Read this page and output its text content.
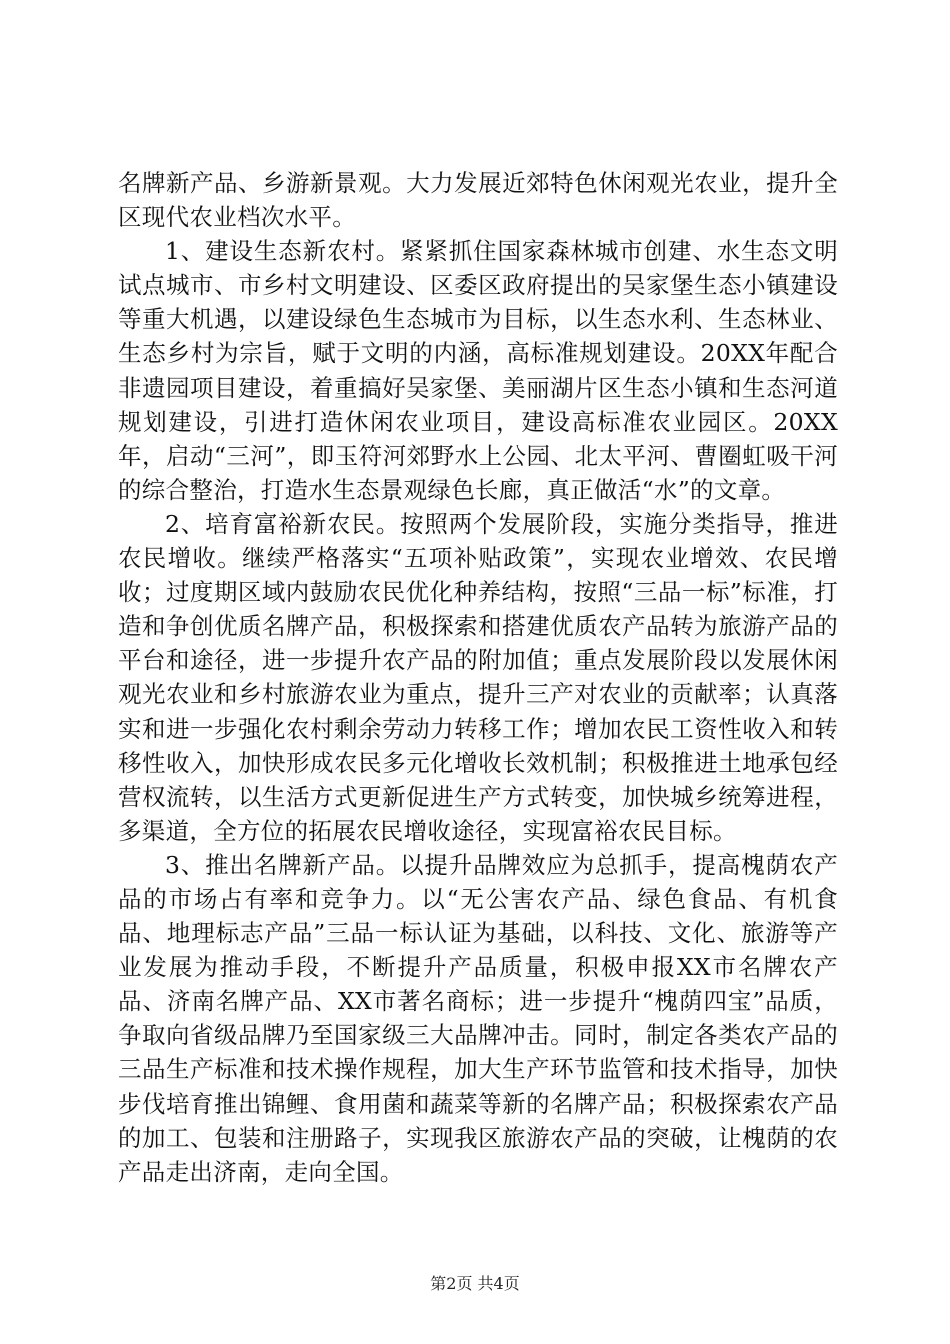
名牌新产品、乡游新景观。大力发展近郊特色休闲观光农业，提升全区现代农业档次水平。

1、建设生态新农村。紧紧抓住国家森林城市创建、水生态文明试点城市、市乡村文明建设、区委区政府提出的吴家堡生态小镇建设等重大机遇，以建设绿色生态城市为目标，以生态水利、生态林业、生态乡村为宗旨，赋于文明的内涵，高标准规划建设。20XX年配合非遗园项目建设，着重搞好吴家堡、美丽湖片区生态小镇和生态河道规划建设，引进打造休闲农业项目，建设高标准农业园区。20XX年，启动“三河”，即玉符河郊野水上公园、北太平河、曹圈虹吸干河的综合整治，打造水生态景观绿色长廊，真正做活“水”的文章。

2、培育富裕新农民。按照两个发展阶段，实施分类指导，推进农民增收。继续严格落实“五项补贴政策”，实现农业增效、农民增收；过度期区域内鼓励农民优化种养结构，按照“三品一标”标准，打造和争创优质名牌产品，积极探索和搭建优质农产品转为旅游产品的平台和途径，进一步提升农产品的附加值；重点发展阶段以发展休闲观光农业和乡村旅游农业为重点，提升三产对农业的贡献率；认真落实和进一步强化农村剩余劳动力转移工作；增加农民工资性收入和转移性收入，加快形成农民多元化增收长效机制；积极推进土地承包经营权流转，以生活方式更新促进生产方式转变，加快城乡统筹进程，多渠道，全方位的拓展农民增收途径，实现富裕农民目标。

3、推出名牌新产品。以提升品牌效应为总抓手，提高槐荫农产品的市场占有率和竞争力。以“无公害农产品、绿色食品、有机食品、地理标志产品”三品一标认证为基础，以科技、文化、旅游等产业发展为推动手段，不断提升产品质量，积极申报XX市名牌农产品、济南名牌产品、XX市著名商标；进一步提升“槐荫四宝”品质，争取向省级品牌乃至国家级三大品牌冲击。同时，制定各类农产品的三品生产标准和技术操作规程，加大生产环节监管和技术指导，加快步伐培育推出锦鲤、食用菌和蔬菜等新的名牌产品；积极探索农产品的加工、包装和注册路子，实现我区旅游农产品的突破，让槐荫的农产品走出济南，走向全国。

第2页 共4页
